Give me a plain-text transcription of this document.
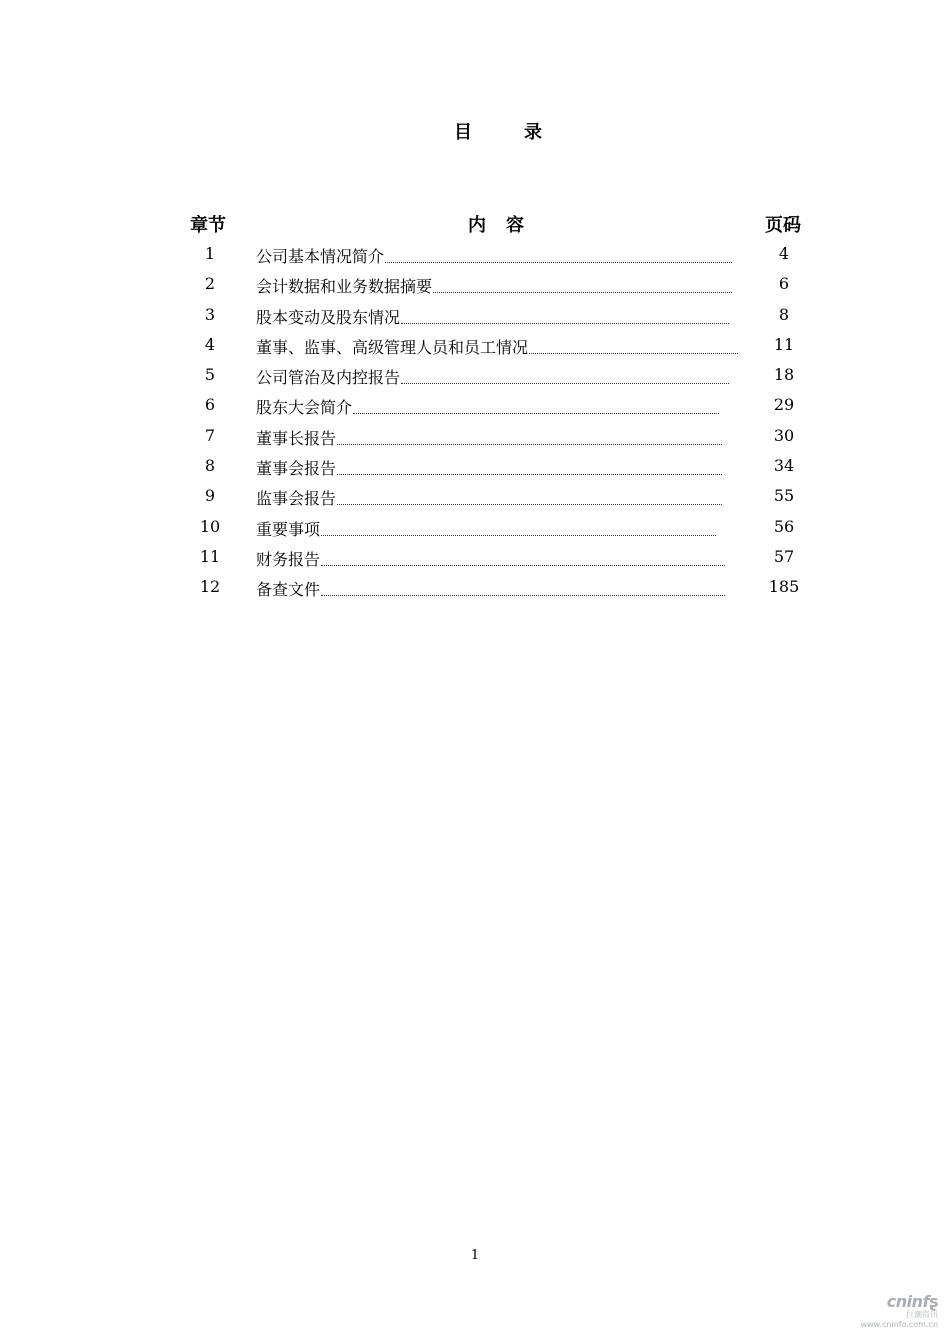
目	录
章节	内 容	页码
1	公司基本情况简介	4
2	会计数据和业务数据摘要	6
3	股本变动及股东情况	8
4	董事、监事、高级管理人员和员工情况	11
5	公司管治及内控报告	18
6	股东大会简介	29
7	董事长报告	30
8	董事会报告	34
9	监事会报告	55
10	重要事项	56
11	财务报告	57
12	备查文件	185
1
cninfʂ
巨潮资讯
www.cninfo.com.cn
